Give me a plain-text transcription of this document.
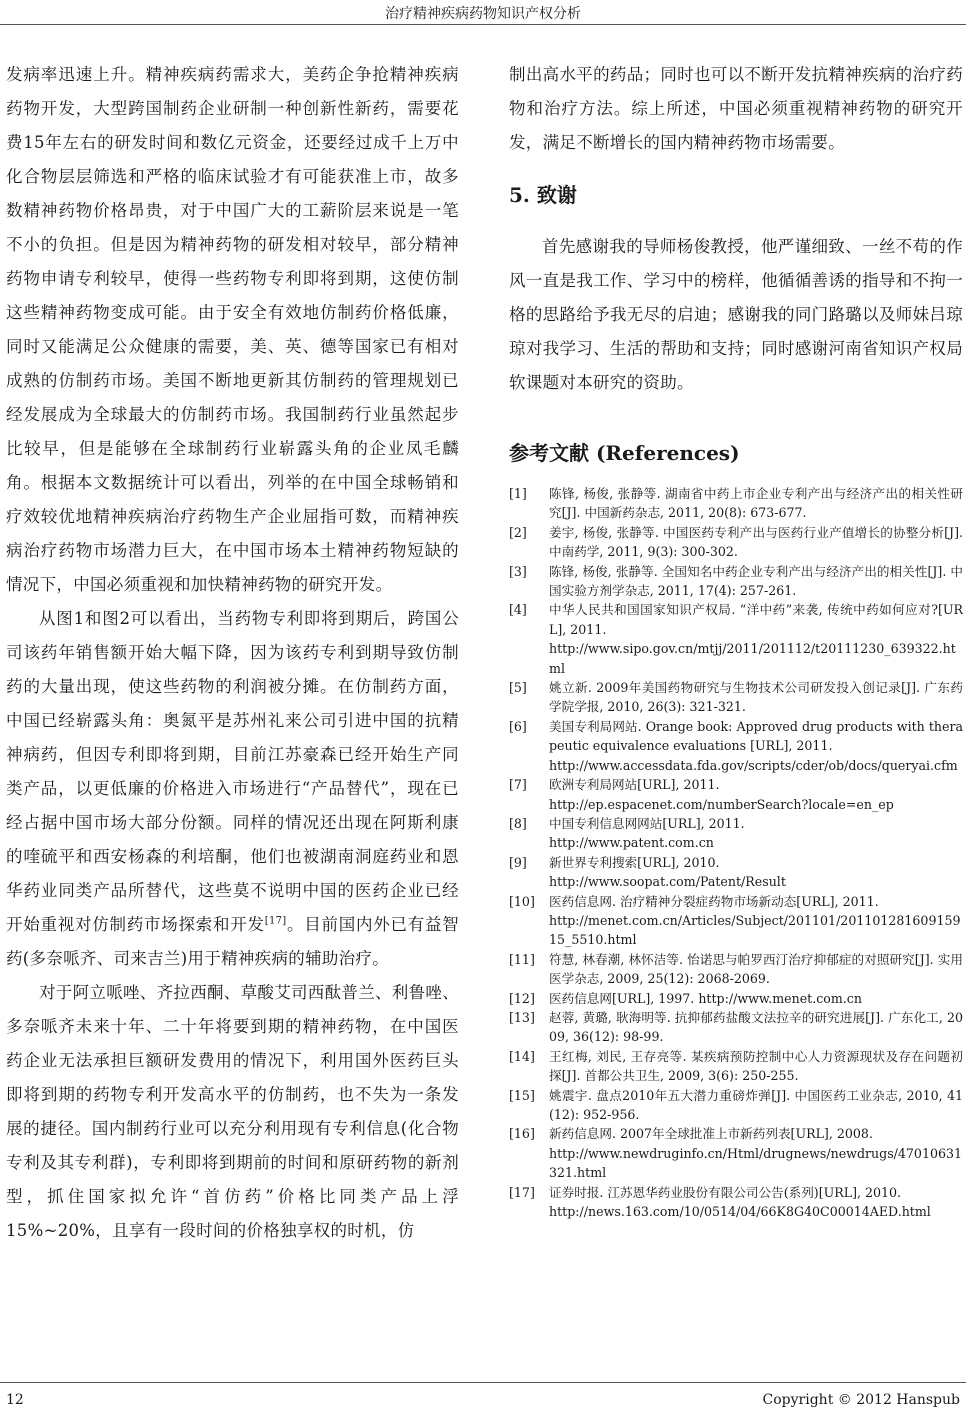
治疗精神疾病药物知识产权分析

发病率迅速上升。精神疾病药需求大，美药企争抢精神疾病药物开发，大型跨国制药企业研制一种创新性新药，需要花费15年左右的研发时间和数亿元资金，还要经过成千上万中化合物层层筛选和严格的临床试验才有可能获准上市，故多数精神药物价格昂贵，对于中国广大的工薪阶层来说是一笔不小的负担。但是因为精神药物的研发相对较早，部分精神药物申请专利较早，使得一些药物专利即将到期，这使仿制这些精神药物变成可能。由于安全有效地仿制药价格低廉，同时又能满足公众健康的需要，美、英、德等国家已有相对成熟的仿制药市场。美国不断地更新其仿制药的管理规划已经发展成为全球最大的仿制药市场。我国制药行业虽然起步比较早，但是能够在全球制药行业崭露头角的企业凤毛麟角。根据本文数据统计可以看出，列举的在中国全球畅销和疗效较优地精神疾病治疗药物生产企业屈指可数，而精神疾病治疗药物市场潜力巨大，在中国市场本土精神药物短缺的情况下，中国必须重视和加快精神药物的研究开发。

从图1和图2可以看出，当药物专利即将到期后，跨国公司该药年销售额开始大幅下降，因为该药专利到期导致仿制药的大量出现，使这些药物的利润被分摊。在仿制药方面，中国已经崭露头角：奥氮平是苏州礼来公司引进中国的抗精神病药，但因专利即将到期，目前江苏豪森已经开始生产同类产品，以更低廉的价格进入市场进行“产品替代”，现在已经占据中国市场大部分份额。同样的情况还出现在阿斯利康的喹硫平和西安杨森的利培酮，他们也被湖南洞庭药业和恩华药业同类产品所替代，这些莫不说明中国的医药企业已经开始重视对仿制药市场探索和开发[17]。目前国内外已有益智药(多奈哌齐、司来吉兰)用于精神疾病的辅助治疗。

对于阿立哌唑、齐拉西酮、草酸艾司西酞普兰、利鲁唑、多奈哌齐未来十年、二十年将要到期的精神药物，在中国医药企业无法承担巨额研发费用的情况下，利用国外医药巨头即将到期的药物专利开发高水平的仿制药，也不失为一条发展的捷径。国内制药行业可以充分利用现有专利信息(化合物专利及其专利群)，专利即将到期前的时间和原研药物的新剂型，抓住国家拟允许“首仿药”价格比同类产品上浮15%~20%，且享有一段时间的价格独享权的时机，仿

制出高水平的药品；同时也可以不断开发抗精神疾病的治疗药物和治疗方法。综上所述，中国必须重视精神药物的研究开发，满足不断增长的国内精神药物市场需要。

5. 致谢

首先感谢我的导师杨俊教授，他严谨细致、一丝不苟的作风一直是我工作、学习中的榜样，他循循善诱的指导和不拘一格的思路给予我无尽的启迪；感谢我的同门路璐以及师妹吕琼琼对我学习、生活的帮助和支持；同时感谢河南省知识产权局软课题对本研究的资助。

参考文献 (References)
[1]	陈锋, 杨俊, 张静等. 湖南省中药上市企业专利产出与经济产出的相关性研究[J]. 中国新药杂志, 2011, 20(8): 673-677.
[2]	姜宇, 杨俊, 张静等. 中国医药专利产出与医药行业产值增长的协整分析[J]. 中南药学, 2011, 9(3): 300-302.
[3]	陈锋, 杨俊, 张静等. 全国知名中药企业专利产出与经济产出的相关性[J]. 中国实验方剂学杂志, 2011, 17(4): 257-261.
[4]	中华人民共和国国家知识产权局. “洋中药”来袭, 传统中药如何应对?[URL], 2011.
http://www.sipo.gov.cn/mtjj/2011/201112/t20111230_639322.html
[5]	姚立新. 2009年美国药物研究与生物技术公司研发投入创记录[J]. 广东药学院学报, 2010, 26(3): 321-321.
[6]	美国专利局网站. Orange book: Approved drug products with therapeutic equivalence evaluations [URL], 2011.
http://www.accessdata.fda.gov/scripts/cder/ob/docs/queryai.cfm
[7]	欧洲专利局网站[URL], 2011.
http://ep.espacenet.com/numberSearch?locale=en_ep
[8]	中国专利信息网网站[URL], 2011.
http://www.patent.com.cn
[9]	新世界专利搜索[URL], 2010.
http://www.soopat.com/Patent/Result
[10]	医药信息网. 治疗精神分裂症药物市场新动态[URL], 2011.
http://menet.com.cn/Articles/Subject/201101/20110128160915915_5510.html
[11]	符慧, 林春潮, 林怀洁等. 怡诺思与帕罗西汀治疗抑郁症的对照研究[J]. 实用医学杂志, 2009, 25(12): 2068-2069.
[12]	医药信息网[URL], 1997. http://www.menet.com.cn
[13]	赵蓉, 黄璐, 耿海明等. 抗抑郁药盐酸文法拉辛的研究进展[J]. 广东化工, 2009, 36(12): 98-99.
[14]	王红梅, 刘民, 王存亮等. 某疾病预防控制中心人力资源现状及存在问题初探[J]. 首都公共卫生, 2009, 3(6): 250-255.
[15]	姚震宇. 盘点2010年五大潜力重磅炸弹[J]. 中国医药工业杂志, 2010, 41(12): 952-956.
[16]	新药信息网. 2007年全球批准上市新药列表[URL], 2008.
http://www.newdruginfo.cn/Html/drugnews/newdrugs/47010631321.html
[17]	证券时报. 江苏恩华药业股份有限公司公告(系列)[URL], 2010.
http://news.163.com/10/0514/04/66K8G40C00014AED.html
12	Copyright © 2012 Hanspub
